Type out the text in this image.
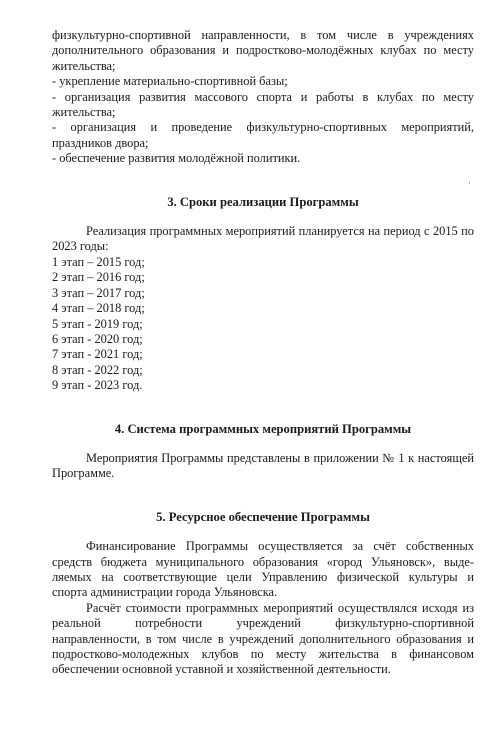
физкультурно-спортивной направленности, в том числе в учреждениях

дополнительного образования и подростково-молодёжных клубах по месту

жительства;

- укрепление материально-спортивной базы;

- организация развития массового спорта и работы в клубах по месту

жительства;

- организация и проведение физкультурно-спортивных мероприятий,

праздников двора;

- обеспечение развития молодёжной политики.

3. Сроки реализации Программы

Реализация программных мероприятий планируется на период с 2015 по

2023 годы:

1 этап – 2015 год;

2 этап – 2016 год;

3 этап – 2017 год;

4 этап – 2018 год;

5 этап - 2019 год;

6 этап - 2020 год;

7 этап - 2021 год;

8 этап - 2022 год;

9 этап - 2023 год.

4. Система программных мероприятий Программы

Мероприятия Программы представлены в приложении № 1 к настоящей

Программе.

5. Ресурсное обеспечение Программы

Финансирование Программы осуществляется за счёт собственных

средств бюджета муниципального образования «город Ульяновск», выде-

ляемых на соответствующие цели Управлению физической культуры и

спорта администрации города Ульяновска.

Расчёт стоимости программных мероприятий осуществлялся исходя из

реальной потребности учреждений физкультурно-спортивной

направленности, в том числе в учреждений дополнительного образования и

подростково-молодежных клубов по месту жительства в финансовом

обеспечении основной уставной и хозяйственной деятельности.
